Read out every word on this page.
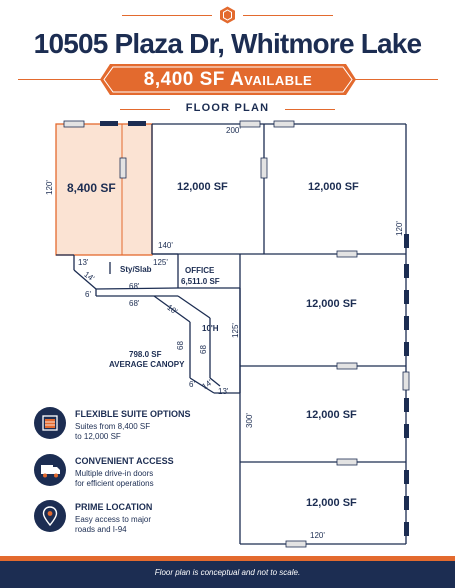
10505 Plaza Dr, Whitmore Lake
8,400 SF Available
FLOOR PLAN
8,400 SF	12,000 SF	12,000 SF
12,000 SF
12,000 SF
12,000 SF
OFFICE
6,511.0 SF
10'H
798.0 SF
AVERAGE CANOPY
Sty/Slab
120'
200'
120'
140'
13'	125'
14'
6'
68'
68'	10'
68 68
125'
6' 14'
13'
300'
120'
FLEXIBLE SUITE OPTIONS
Suites from 8,400 SF
to 12,000 SF
CONVENIENT ACCESS
Multiple drive-in doors
for efficient operations
PRIME LOCATION
Easy access to major
roads and I-94
Floor plan is conceptual and not to scale.
